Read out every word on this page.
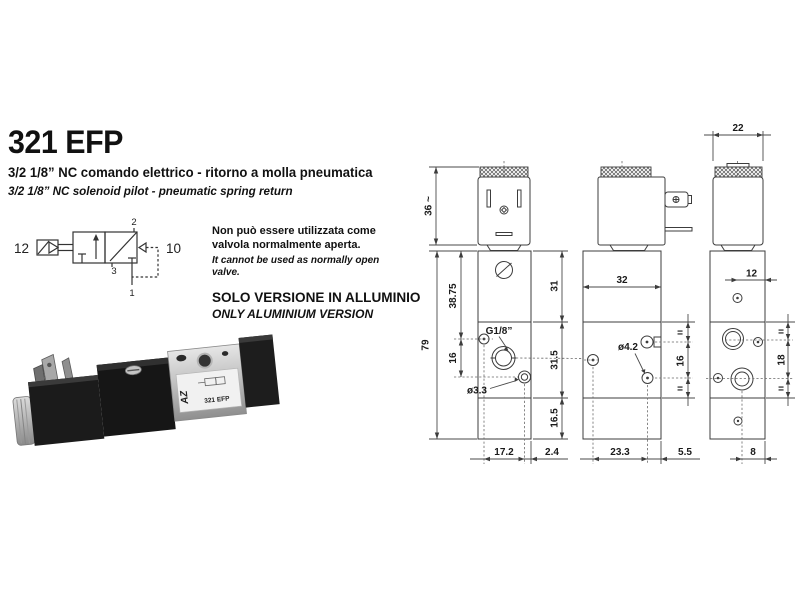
321 EFP
3/2 1/8” NC comando elettrico - ritorno a molla pneumatica
3/2 1/8” NC solenoid pilot - pneumatic spring return
12	10
2
3
1
Non può essere utilizzata come valvola normalmente aperta.
It cannot be used as normally open valve.
SOLO VERSIONE IN ALLUMINIO
ONLY ALUMINIUM VERSION
AZ 321 EFP
36 ~
79
38.75
16
31
31.5
16.5
G1/8”
ø3.3
17.2	2.4
32
ø4.2
=
16
=
23.3	5.5
22
12
=
18
=
8
